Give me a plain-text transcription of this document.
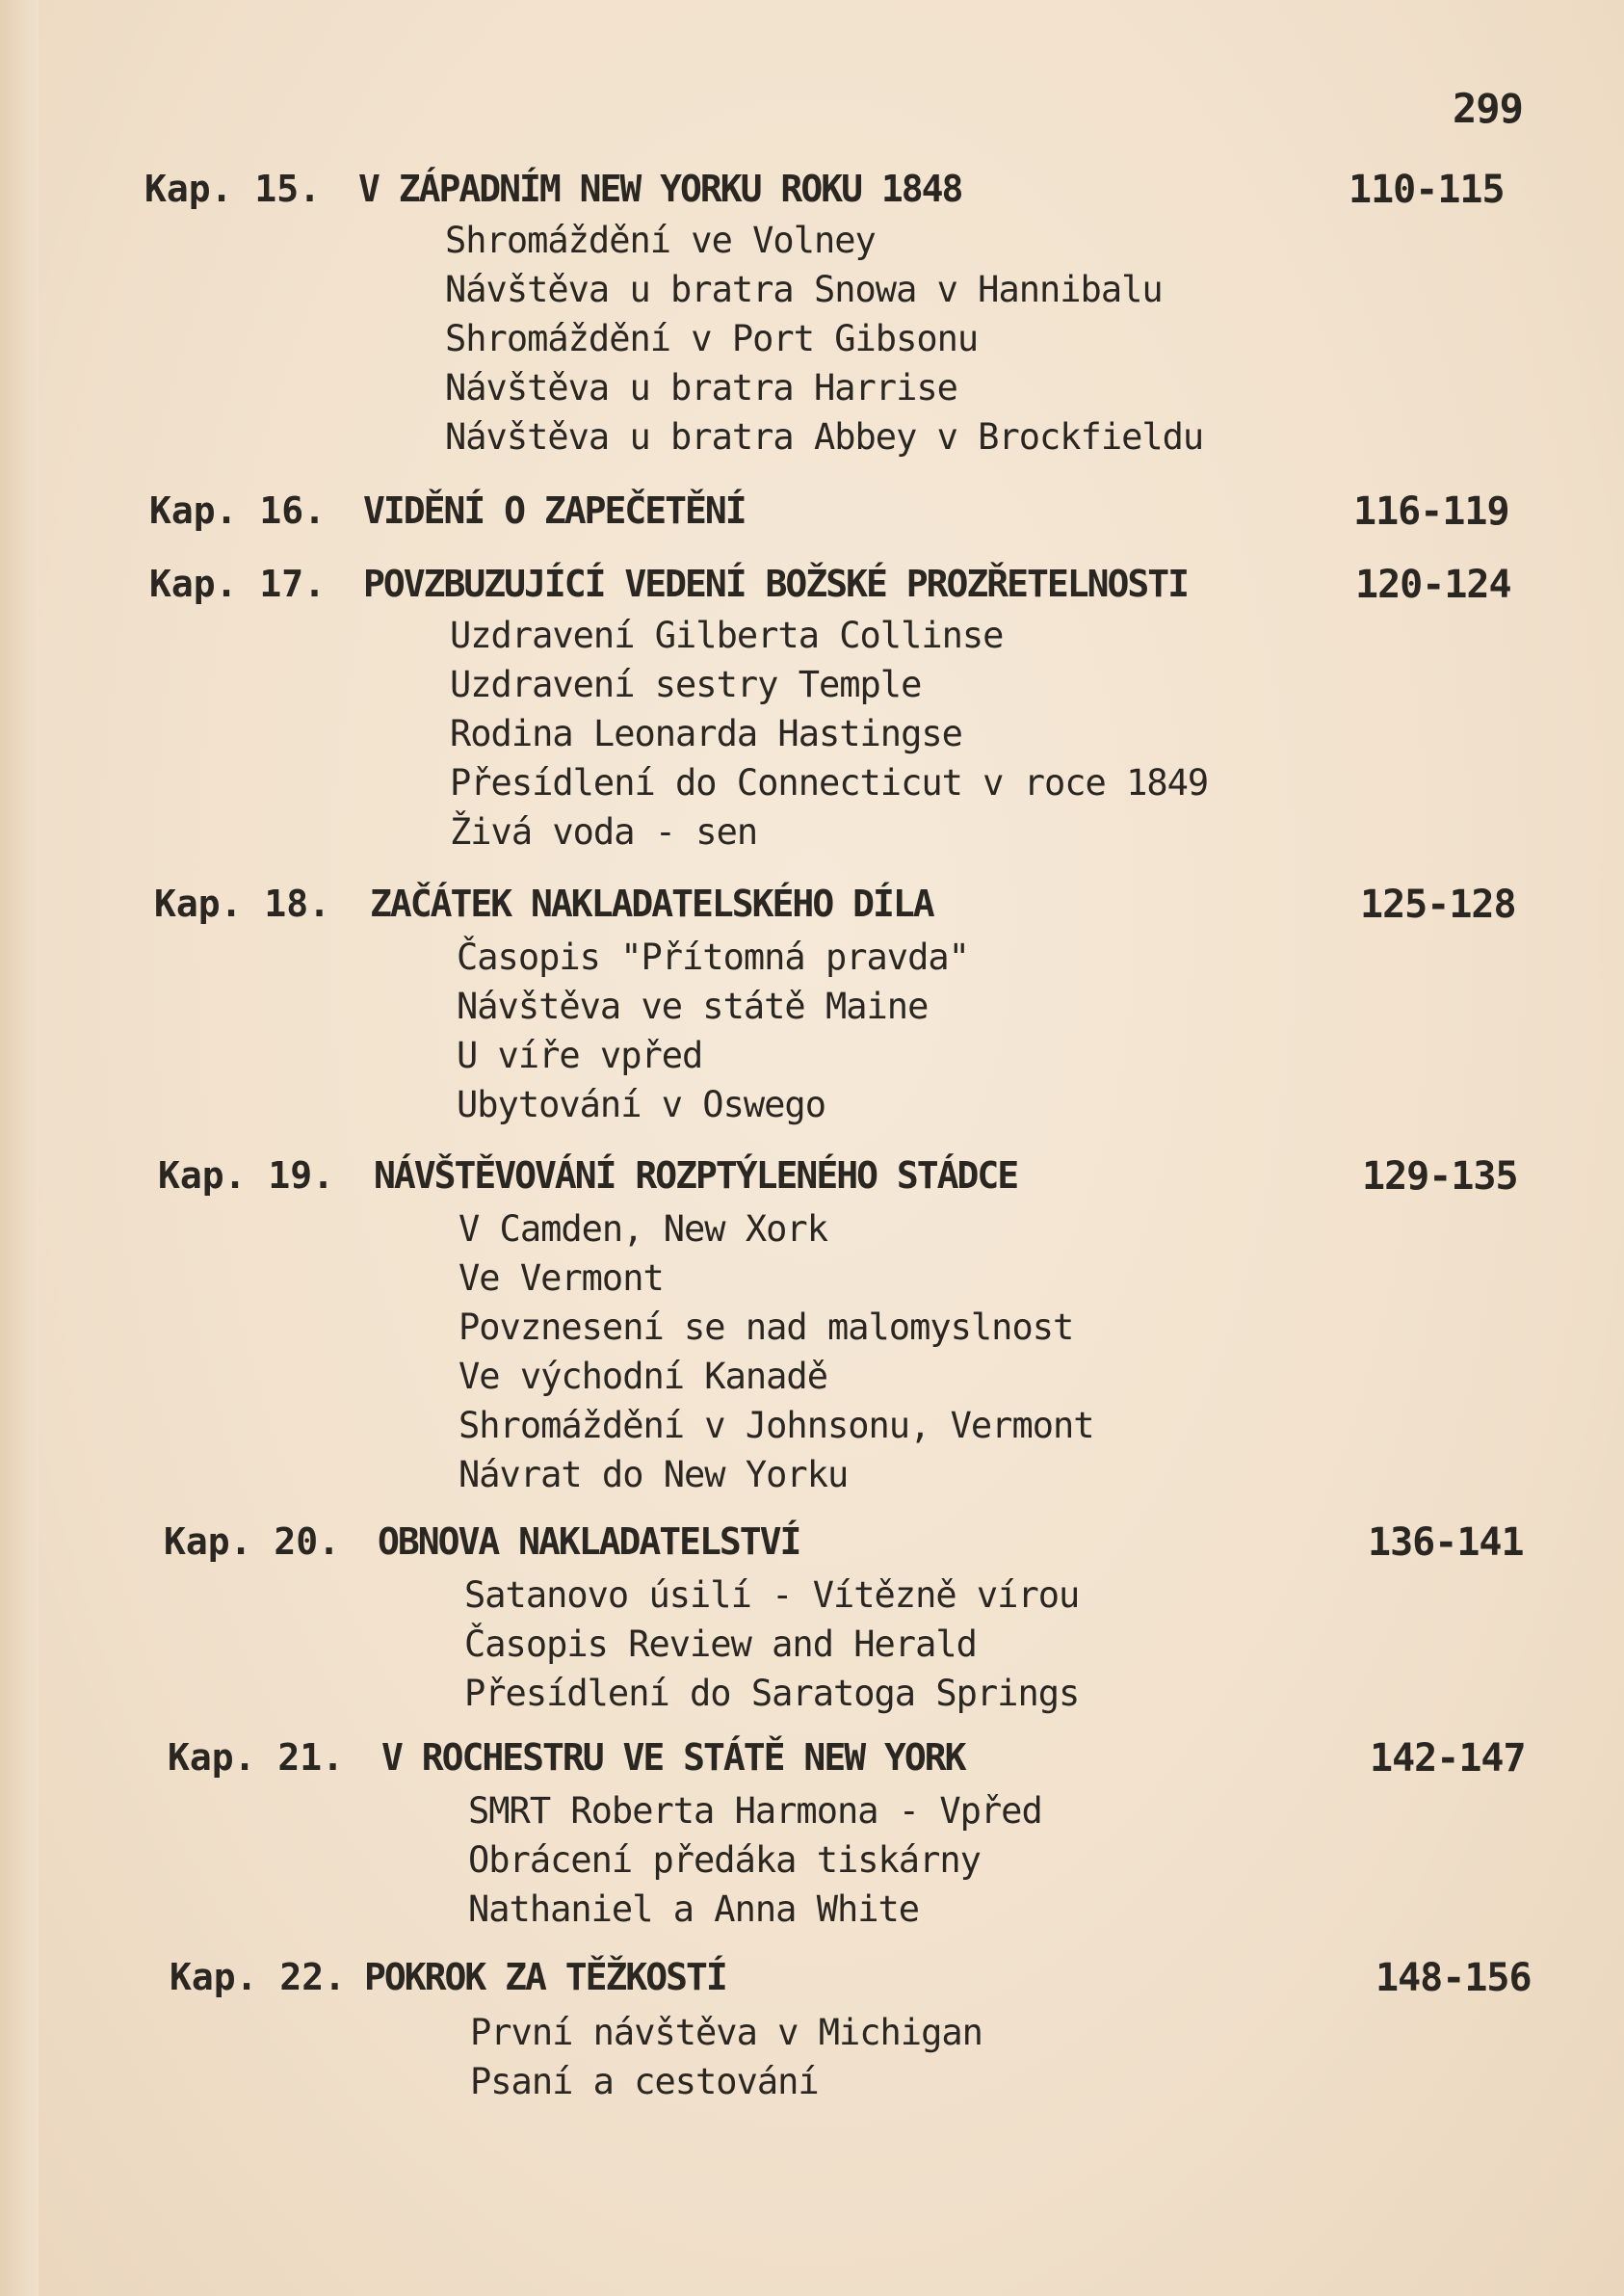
299
Kap. 15. V ZÁPADNÍM NEW YORKU ROKU 1848	110-115
Shromáždění ve Volney
Návštěva u bratra Snowa v Hannibalu
Shromáždění v Port Gibsonu
Návštěva u bratra Harrise
Návštěva u bratra Abbey v Brockfieldu
Kap. 16. VIDĚNÍ O ZAPEČETĚNÍ	116-119
Kap. 17. POVZBUZUJÍCÍ VEDENÍ BOŽSKÉ PROZŘETELNOSTI	120-124
Uzdravení Gilberta Collinse
Uzdravení sestry Temple
Rodina Leonarda Hastingse
Přesídlení do Connecticut v roce 1849
Živá voda - sen
Kap. 18. ZAČÁTEK NAKLADATELSKÉHO DÍLA	125-128
Časopis "Přítomná pravda"
Návštěva ve státě Maine
U víře vpřed
Ubytování v Oswego
Kap. 19. NÁVŠTĚVOVÁNÍ ROZPTÝLENÉHO STÁDCE	129-135
V Camden, New Xork
Ve Vermont
Povznesení se nad malomyslnost
Ve východní Kanadě
Shromáždění v Johnsonu, Vermont
Návrat do New Yorku
Kap. 20. OBNOVA NAKLADATELSTVÍ	136-141
Satanovo úsilí - Vítězně vírou
Časopis Review and Herald
Přesídlení do Saratoga Springs
Kap. 21. V ROCHESTRU VE STÁTĚ NEW YORK	142-147
SMRT Roberta Harmona - Vpřed
Obrácení předáka tiskárny
Nathaniel a Anna White
Kap. 22. POKROK ZA TĚŽKOSTÍ	148-156
První návštěva v Michigan
Psaní a cestování
